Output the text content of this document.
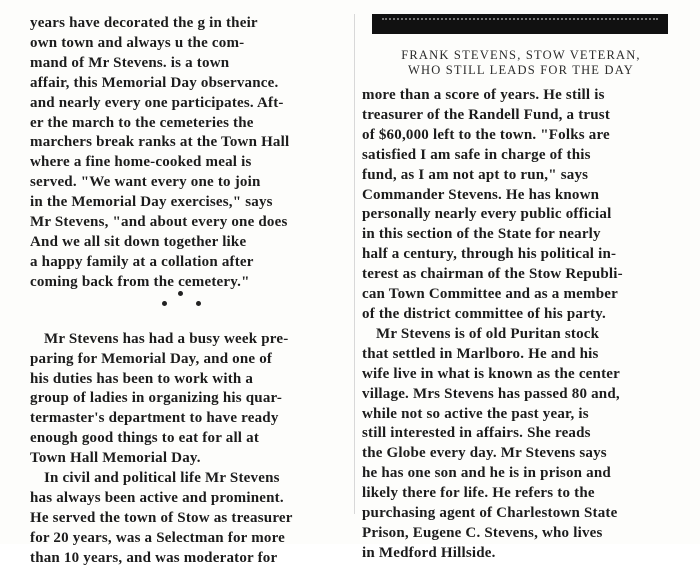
years have decorated the g in their
own town and always u the com-
mand of Mr Stevens. is a town
affair, this Memorial Day observance.
and nearly every one participates. Aft-
er the march to the cemeteries the
marchers break ranks at the Town Hall
where a fine home-cooked meal is
served. "We want every one to join
in the Memorial Day exercises," says
Mr Stevens, "and about every one does
And we all sit down together like
a happy family at a collation after
coming back from the cemetery."
Mr Stevens has had a busy week pre-
paring for Memorial Day, and one of
his duties has been to work with a
group of ladies in organizing his quar-
termaster's department to have ready
enough good things to eat for all at
Town Hall Memorial Day.
In civil and political life Mr Stevens
has always been active and prominent.
He served the town of Stow as treasurer
for 20 years, was a Selectman for more
than 10 years, and was moderator for
FRANK STEVENS, STOW VETERAN,
WHO STILL LEADS FOR THE DAY
more than a score of years. He still is
treasurer of the Randell Fund, a trust
of $60,000 left to the town. "Folks are
satisfied I am safe in charge of this
fund, as I am not apt to run," says
Commander Stevens. He has known
personally nearly every public official
in this section of the State for nearly
half a century, through his political in-
terest as chairman of the Stow Republi-
can Town Committee and as a member
of the district committee of his party.
Mr Stevens is of old Puritan stock
that settled in Marlboro. He and his
wife live in what is known as the center
village. Mrs Stevens has passed 80 and,
while not so active the past year, is
still interested in affairs. She reads
the Globe every day. Mr Stevens says
he has one son and he is in prison and
likely there for life. He refers to the
purchasing agent of Charlestown State
Prison, Eugene C. Stevens, who lives
in Medford Hillside.
